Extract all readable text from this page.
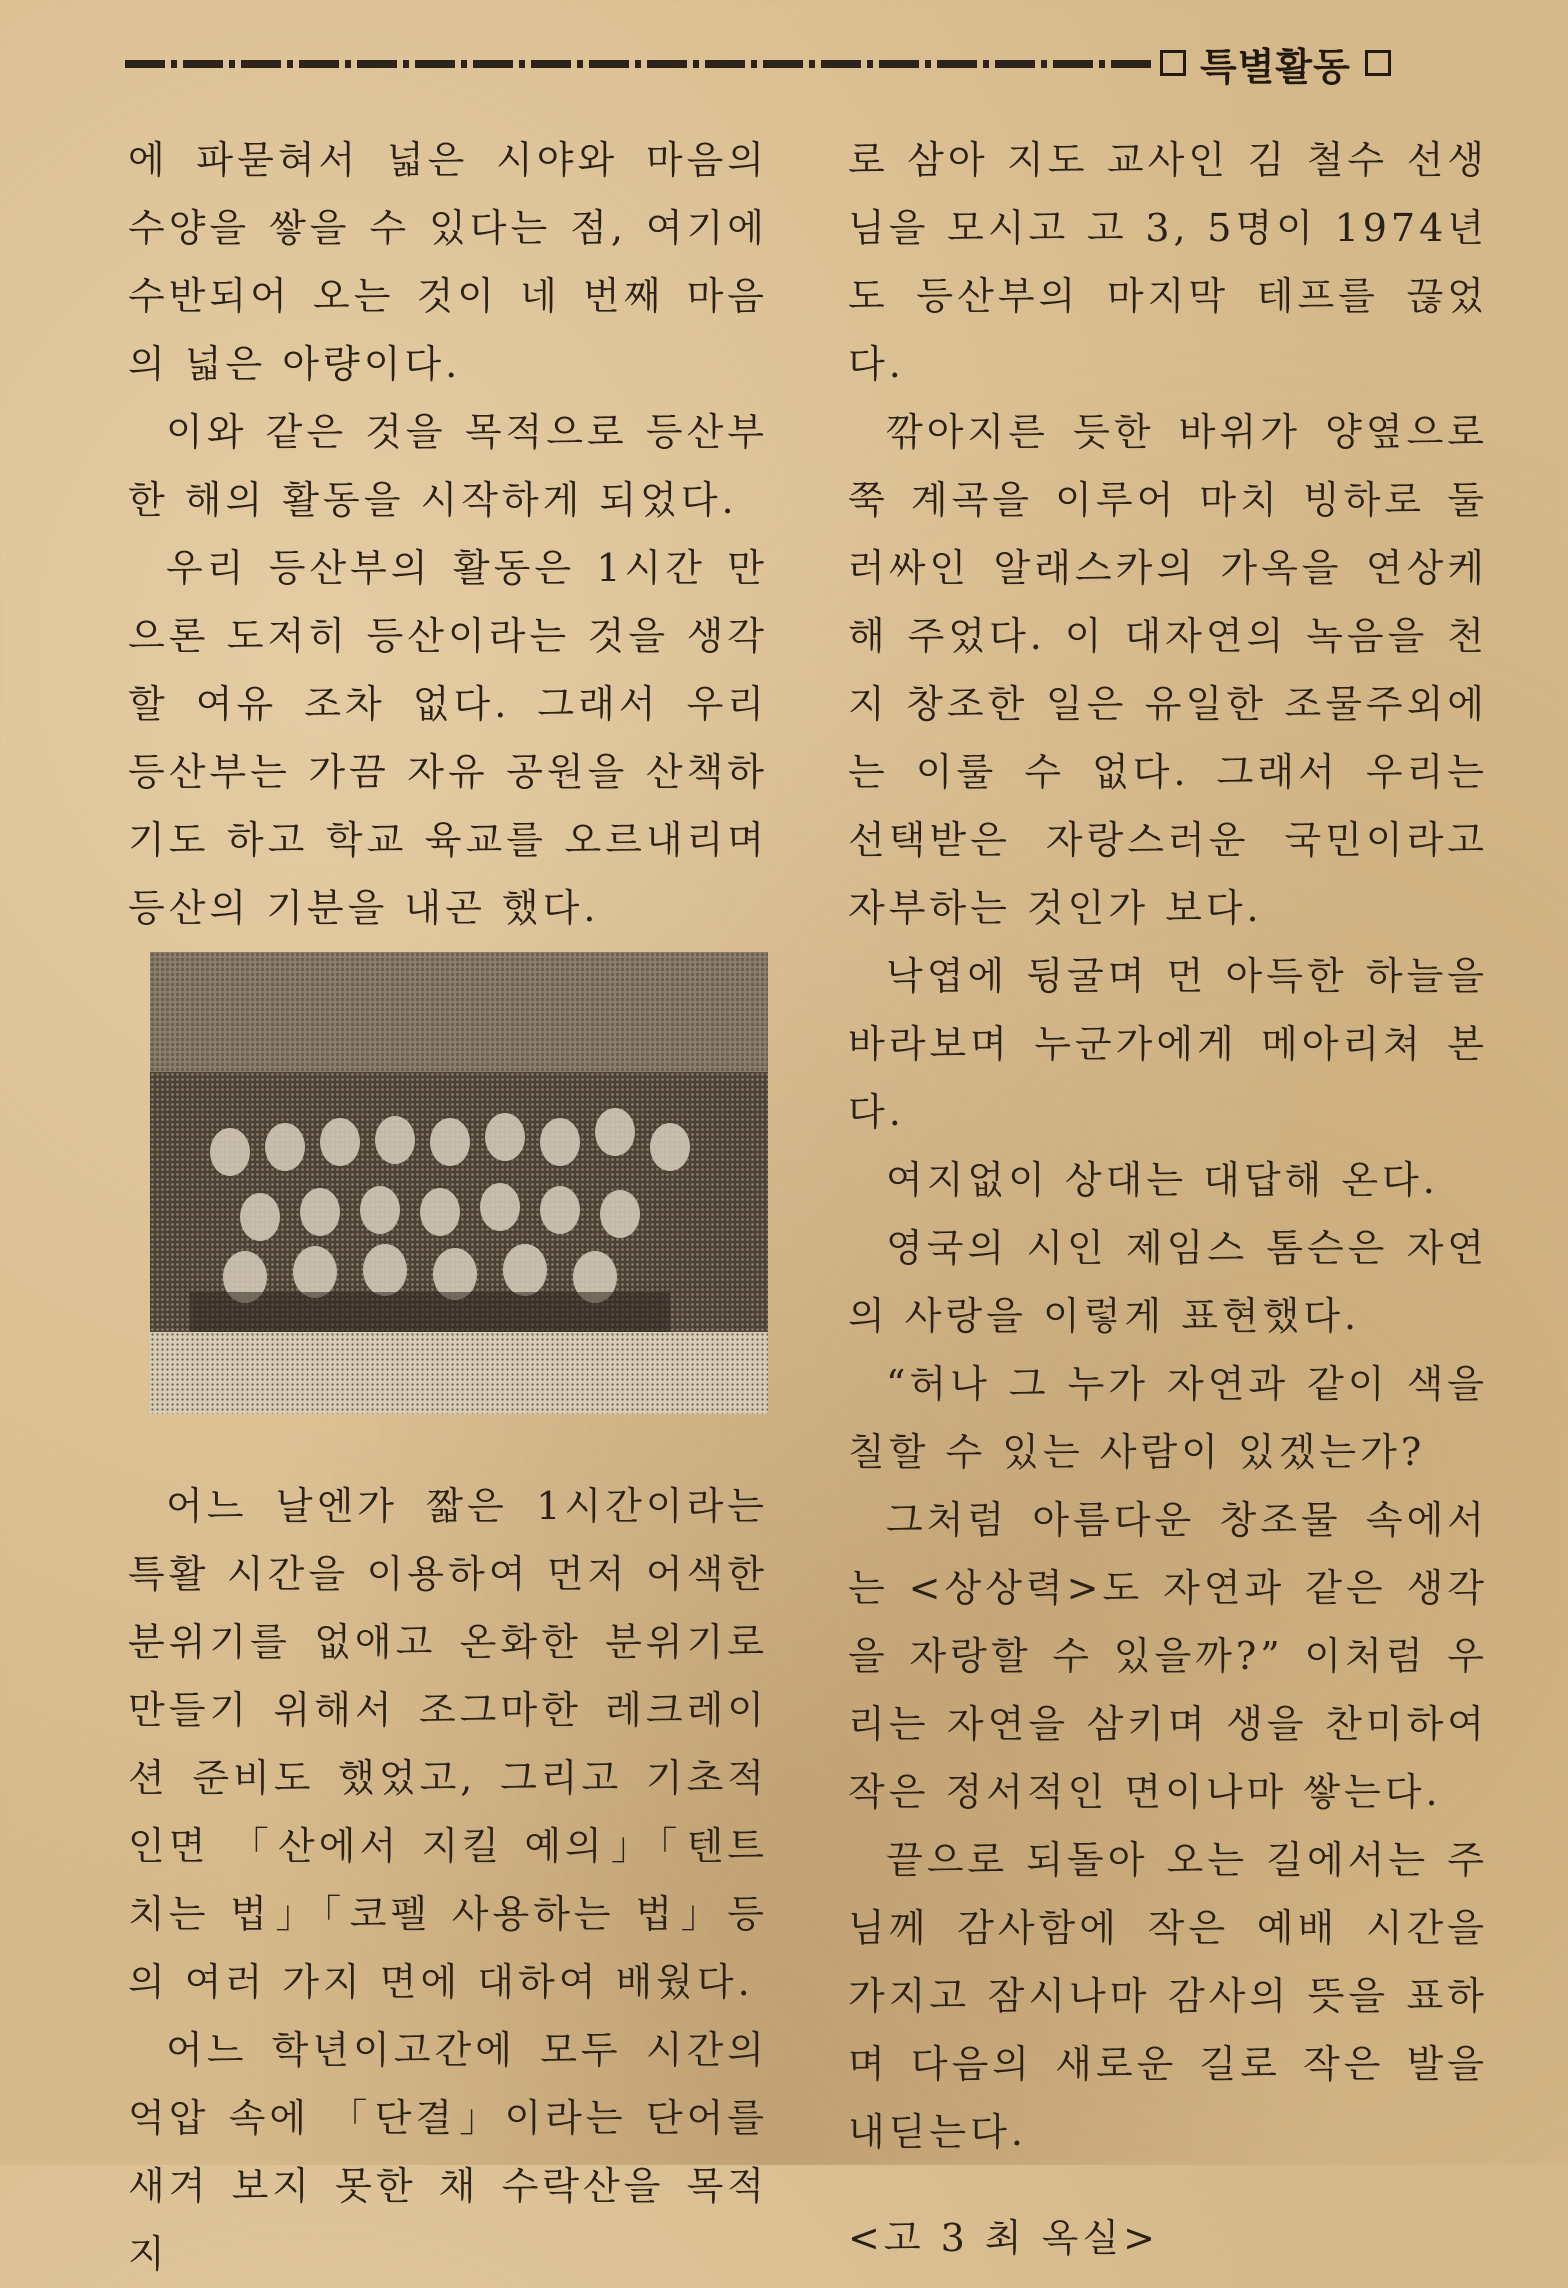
특별활동

에 파묻혀서 넓은 시야와 마음의 수양을 쌓을 수 있다는 점, 여기에 수반되어 오는 것이 네 번째 마음의 넓은 아량이다.

이와 같은 것을 목적으로 등산부 한 해의 활동을 시작하게 되었다.

우리 등산부의 활동은 1시간 만으론 도저히 등산이라는 것을 생각할 여유 조차 없다. 그래서 우리 등산부는 가끔 자유 공원을 산책하기도 하고 학교 육교를 오르내리며 등산의 기분을 내곤 했다.

어느 날엔가 짧은 1시간이라는 특활 시간을 이용하여 먼저 어색한 분위기를 없애고 온화한 분위기로 만들기 위해서 조그마한 레크레이션 준비도 했었고, 그리고 기초적인면 「산에서 지킬 예의」「텐트 치는 법」「코펠 사용하는 법」등의 여러 가지 면에 대하여 배웠다.

어느 학년이고간에 모두 시간의 억압 속에 「단결」이라는 단어를 새겨 보지 못한 채 수락산을 목적지

로 삼아 지도 교사인 김 철수 선생님을 모시고 고 3, 5명이 1974년도 등산부의 마지막 테프를 끊었다.

깎아지른 듯한 바위가 양옆으로 쭉 계곡을 이루어 마치 빙하로 둘러싸인 알래스카의 가옥을 연상케 해 주었다. 이 대자연의 녹음을 천지 창조한 일은 유일한 조물주외에는 이룰 수 없다. 그래서 우리는 선택받은 자랑스러운 국민이라고 자부하는 것인가 보다.

낙엽에 뒹굴며 먼 아득한 하늘을 바라보며 누군가에게 메아리쳐 본다.

여지없이 상대는 대답해 온다.

영국의 시인 제임스 톰슨은 자연의 사랑을 이렇게 표현했다.

“허나 그 누가 자연과 같이 색을 칠할 수 있는 사람이 있겠는가?

그처럼 아름다운 창조물 속에서는 <상상력>도 자연과 같은 생각을 자랑할 수 있을까?” 이처럼 우리는 자연을 삼키며 생을 찬미하여 작은 정서적인 면이나마 쌓는다.

끝으로 되돌아 오는 길에서는 주님께 감사함에 작은 예배 시간을 가지고 잠시나마 감사의 뜻을 표하며 다음의 새로운 길로 작은 발을 내딛는다.

<고 3 최 옥실>
